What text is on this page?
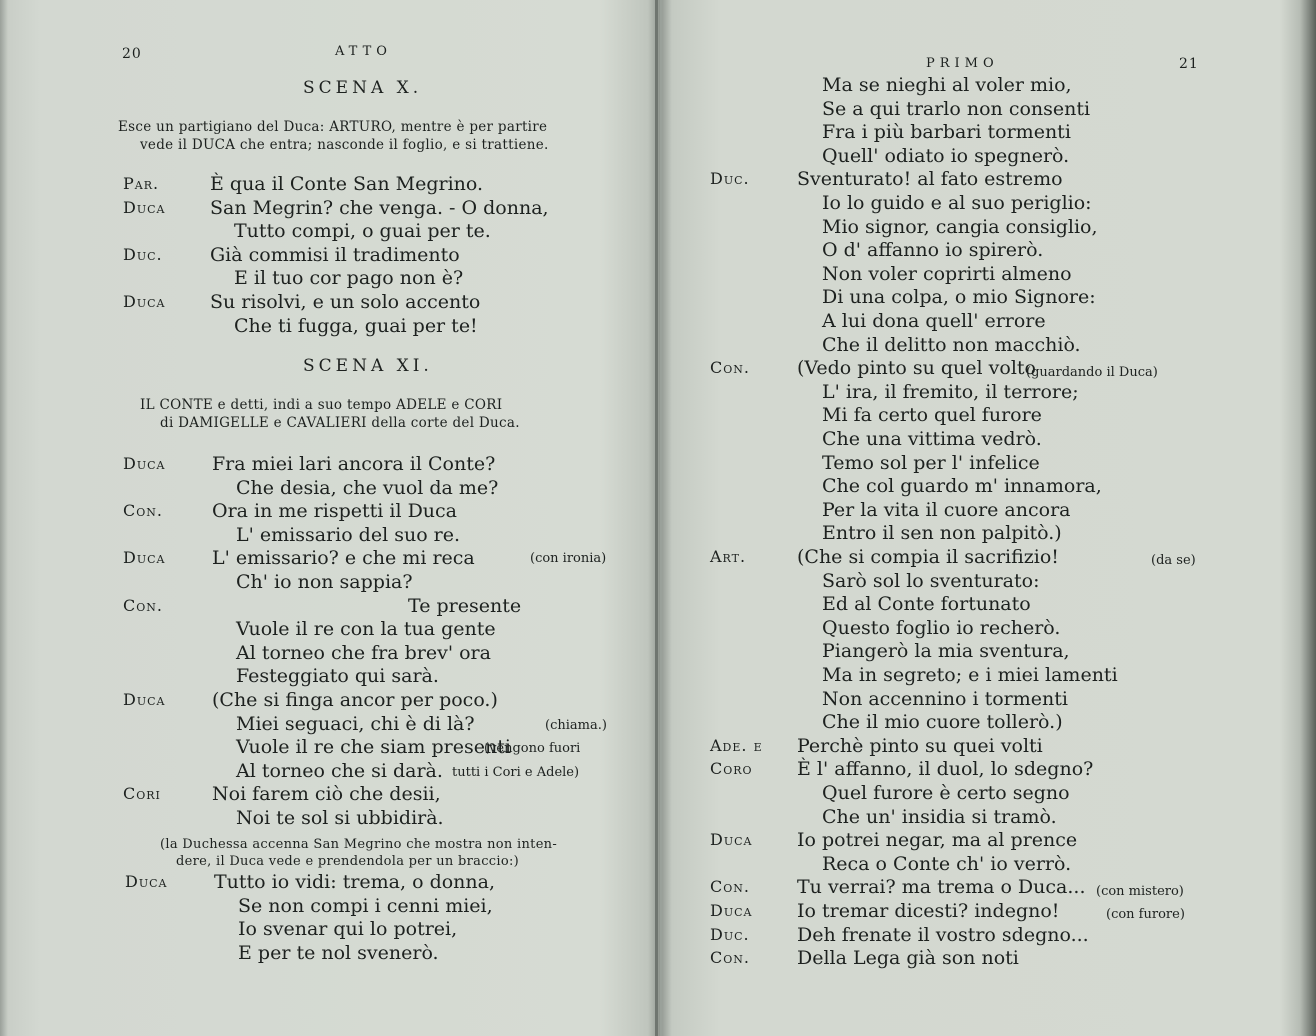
20	ATTO
SCENA X.
Esce un partigiano del Duca: ARTURO, mentre è per partire
vede il DUCA che entra; nasconde il foglio, e si trattiene.
Par.	È qua il Conte San Megrino.
Duca San Megrin? che venga. - O donna,
Tutto compi, o guai per te.
Duc. Già commisi il tradimento
E il tuo cor pago non è?
Duca Su risolvi, e un solo accento
Che ti fugga, guai per te!
SCENA XI.
IL CONTE e detti, indi a suo tempo ADELE e CORI
di DAMIGELLE e CAVALIERI della corte del Duca.
Duca Fra miei lari ancora il Conte?
Che desia, che vuol da me?
Con.	Ora in me rispetti il Duca
L' emissario del suo re.
Duca L' emissario? e che mi reca
Ch' io non sappia?
Con.	Te presente
Vuole il re con la tua gente
Al torneo che fra brev' ora
Festeggiato qui sarà.
Duca (Che si finga ancor per poco.)
Miei seguaci, chi è di là?
Vuole il re che siam presenti
Al torneo che si darà.
Cori	Noi farem ciò che desii,
Noi te sol si ubbidirà.
(con ironia)
(chiama.)
(vengono fuori
tutti i Cori e Adele)
(la Duchessa accenna San Megrino che mostra non inten-
dere, il Duca vede e prendendola per un braccio:)
Duca Tutto io vidi: trema, o donna,
Se non compi i cenni miei,
Io svenar qui lo potrei,
E per te nol svenerò.
PRIMO	21
Ma se nieghi al voler mio,
Se a qui trarlo non consenti
Fra i più barbari tormenti
Quell' odiato io spegnerò.
Duc. Sventurato! al fato estremo
Io lo guido e al suo periglio:
Mio signor, cangia consiglio,
O d' affanno io spirerò.
Non voler coprirti almeno
Di una colpa, o mio Signore:
A lui dona quell' errore
Che il delitto non macchiò.
Con. (Vedo pinto su quel volto
L' ira, il fremito, il terrore;
Mi fa certo quel furore
Che una vittima vedrò.
Temo sol per l' infelice
Che col guardo m' innamora,
Per la vita il cuore ancora
Entro il sen non palpitò.)
Art.	(Che si compia il sacrifizio!
Sarò sol lo sventurato:
Ed al Conte fortunato
Questo foglio io recherò.
Piangerò la mia sventura,
Ma in segreto; e i miei lamenti
Non accennino i tormenti
Che il mio cuore tollerò.)
Ade. e Perchè pinto su quei volti
Coro È l' affanno, il duol, lo sdegno?
Quel furore è certo segno
Che un' insidia si tramò.
Duca Io potrei negar, ma al prence
Reca o Conte ch' io verrò.
Con. Tu verrai? ma trema o Duca...
Duca Io tremar dicesti? indegno!
Duc. Deh frenate il vostro sdegno...
Con. Della Lega già son noti
(guardando il Duca)
(da se)
(con mistero)
(con furore)
